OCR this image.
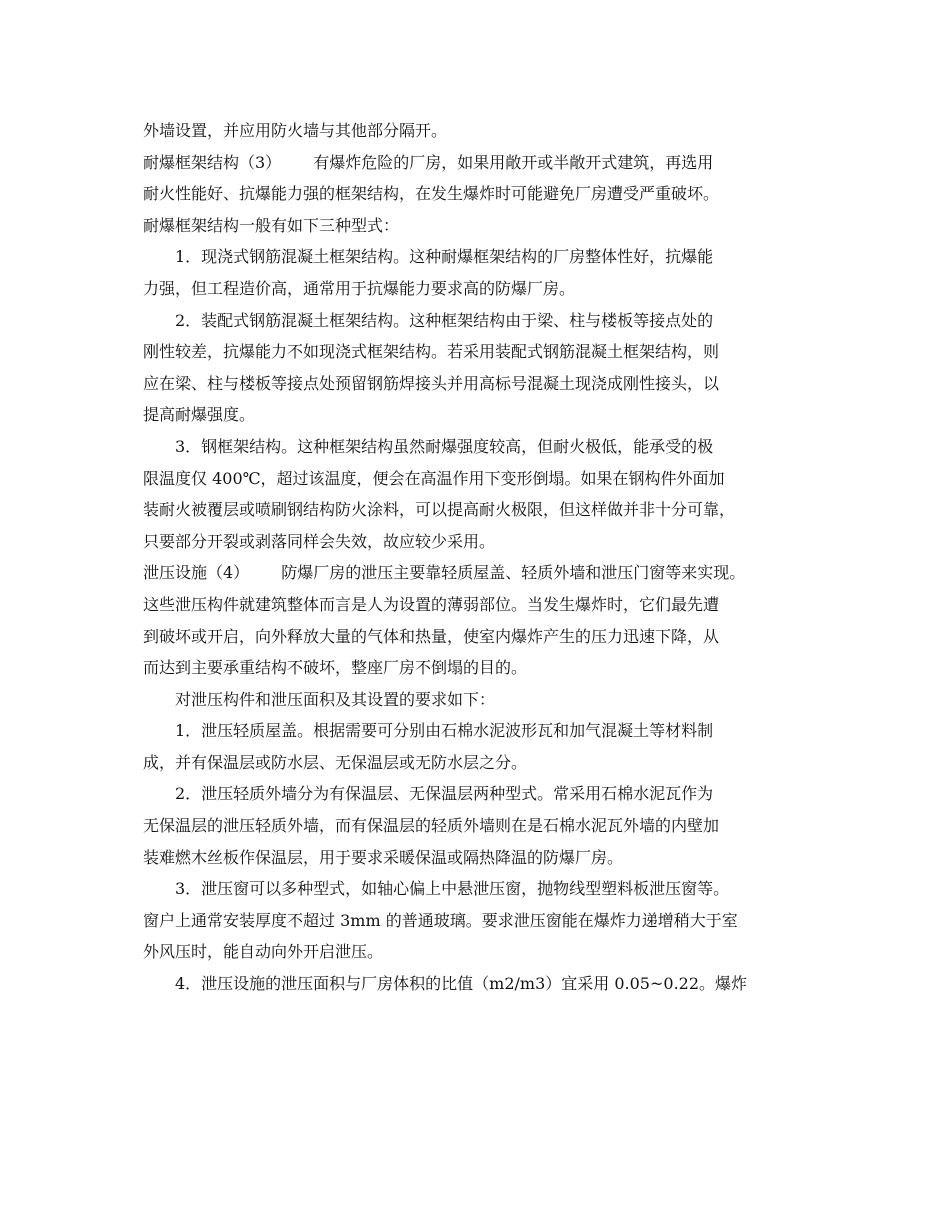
外墙设置，并应用防火墙与其他部分隔开。
耐爆框架结构（3） 有爆炸危险的厂房，如果用敞开或半敞开式建筑，再选用
耐火性能好、抗爆能力强的框架结构，在发生爆炸时可能避免厂房遭受严重破坏。
耐爆框架结构一般有如下三种型式：
1．现浇式钢筋混凝土框架结构。这种耐爆框架结构的厂房整体性好，抗爆能
力强，但工程造价高，通常用于抗爆能力要求高的防爆厂房。
2．装配式钢筋混凝土框架结构。这种框架结构由于梁、柱与楼板等接点处的
刚性较差，抗爆能力不如现浇式框架结构。若采用装配式钢筋混凝土框架结构，则
应在梁、柱与楼板等接点处预留钢筋焊接头并用高标号混凝土现浇成刚性接头，以
提高耐爆强度。
3．钢框架结构。这种框架结构虽然耐爆强度较高，但耐火极低，能承受的极
限温度仅 400℃，超过该温度，便会在高温作用下变形倒塌。如果在钢构件外面加
装耐火被覆层或喷刷钢结构防火涂料，可以提高耐火极限，但这样做并非十分可靠，
只要部分开裂或剥落同样会失效，故应较少采用。
泄压设施（4） 防爆厂房的泄压主要靠轻质屋盖、轻质外墙和泄压门窗等来实现。
这些泄压构件就建筑整体而言是人为设置的薄弱部位。当发生爆炸时，它们最先遭
到破坏或开启，向外释放大量的气体和热量，使室内爆炸产生的压力迅速下降，从
而达到主要承重结构不破坏，整座厂房不倒塌的目的。
对泄压构件和泄压面积及其设置的要求如下：
1．泄压轻质屋盖。根据需要可分别由石棉水泥波形瓦和加气混凝土等材料制
成，并有保温层或防水层、无保温层或无防水层之分。
2．泄压轻质外墙分为有保温层、无保温层两种型式。常采用石棉水泥瓦作为
无保温层的泄压轻质外墙，而有保温层的轻质外墙则在是石棉水泥瓦外墙的内壁加
装难燃木丝板作保温层，用于要求采暖保温或隔热降温的防爆厂房。
3．泄压窗可以多种型式，如轴心偏上中悬泄压窗，抛物线型塑料板泄压窗等。
窗户上通常安装厚度不超过 3mm 的普通玻璃。要求泄压窗能在爆炸力递增稍大于室
外风压时，能自动向外开启泄压。
4．泄压设施的泄压面积与厂房体积的比值（m2/m3）宜采用 0.05~0.22。爆炸
